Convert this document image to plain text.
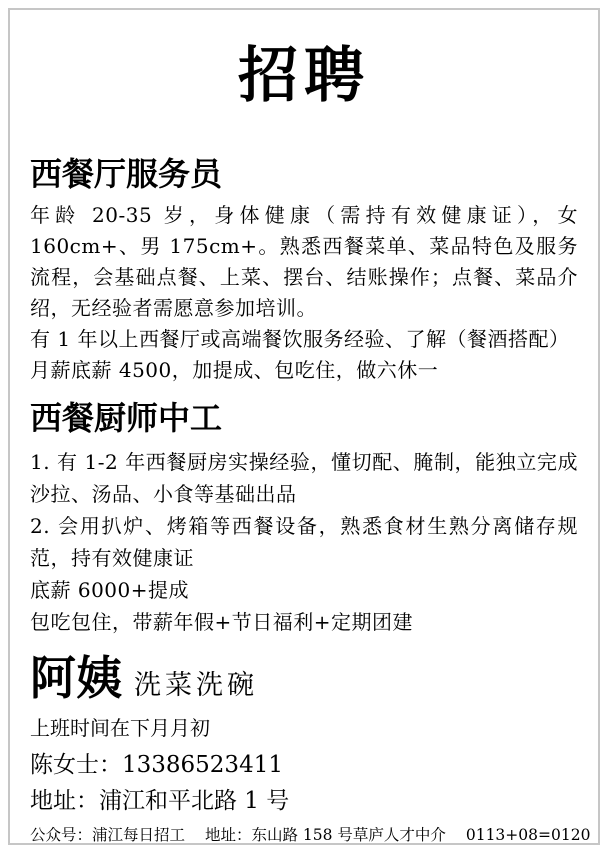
招聘
西餐厅服务员

年龄 20-35 岁，身体健康（需持有效健康证），女 160cm+、男 175cm+。熟悉西餐菜单、菜品特色及服务流程，会基础点餐、上菜、摆台、结账操作；点餐、菜品介绍，无经验者需愿意参加培训。

有 1 年以上西餐厅或高端餐饮服务经验、了解（餐酒搭配）

月薪底薪 4500，加提成、包吃住，做六休一

西餐厨师中工

1. 有 1-2 年西餐厨房实操经验，懂切配、腌制，能独立完成沙拉、汤品、小食等基础出品

2. 会用扒炉、烤箱等西餐设备，熟悉食材生熟分离储存规范，持有效健康证

底薪 6000+提成

包吃包住，带薪年假+节日福利+定期团建

阿姨 洗菜洗碗

上班时间在下月月初

陈女士：13386523411

地址：浦江和平北路 1 号

公众号：浦江每日招工 地址：东山路 158 号草庐人才中介 0113+08=0120
